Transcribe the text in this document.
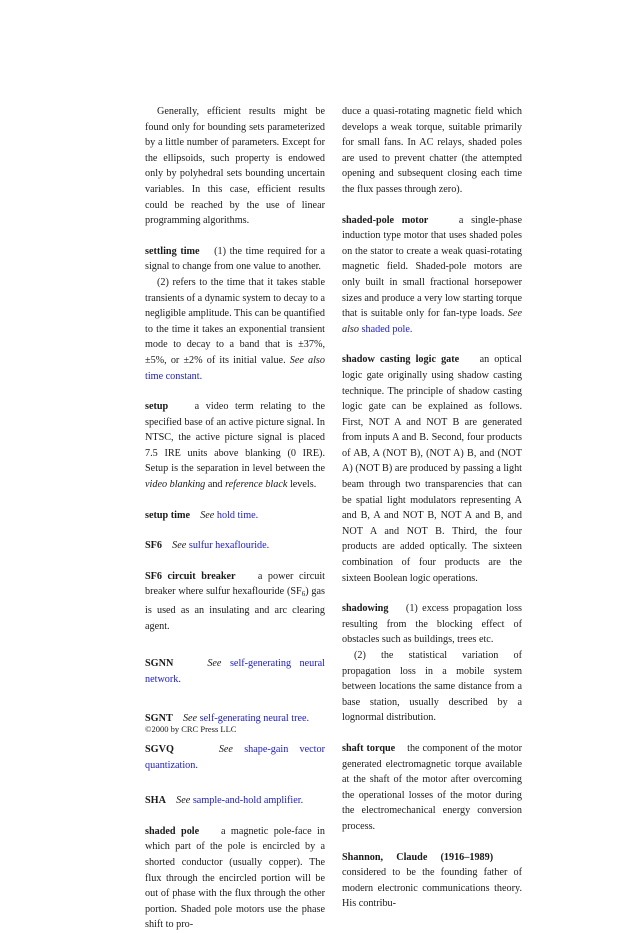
Generally, efficient results might be found only for bounding sets parameterized by a little number of parameters. Except for the ellipsoids, such property is endowed only by polyhedral sets bounding uncertain variables. In this case, efficient results could be reached by the use of linear programming algorithms.

settling time (1) the time required for a signal to change from one value to another.

(2) refers to the time that it takes stable transients of a dynamic system to decay to a negligible amplitude. This can be quantified to the time it takes an exponential transient mode to decay to a band that is ±37%, ±5%, or ±2% of its initial value. See also time constant.

setup	a video term relating to the specified base of an active picture signal. In NTSC, the active picture signal is placed 7.5 IRE units above blanking (0 IRE). Setup is the separation in level between the video blanking and reference black levels.

setup time See hold time.

SF6 See sulfur hexaflouride.

SF6 circuit breaker a power circuit breaker where sulfur hexaflouride $(SF_6)$ gas is used as an insulating and arc clearing agent.

SGNN	See self-generating neural network.

SGNT See self-generating neural tree.

SGVQ	See shape-gain vector quantization.

SHA See sample-and-hold amplifier.

shaded pole a magnetic pole-face in which part of the pole is encircled by a shorted conductor (usually copper). The flux through the encircled portion will be out of phase with the flux through the other portion. Shaded pole motors use the phase shift to pro-

duce a quasi-rotating magnetic field which develops a weak torque, suitable primarily for small fans. In AC relays, shaded poles are used to prevent chatter (the attempted opening and subsequent closing each time the flux passes through zero).

shaded-pole motor	a single-phase induction type motor that uses shaded poles on the stator to create a weak quasi-rotating magnetic field. Shaded-pole motors are only built in small fractional horsepower sizes and produce a very low starting torque that is suitable only for fan-type loads. See also shaded pole.

shadow casting logic gate an optical logic gate originally using shadow casting technique. The principle of shadow casting logic gate can be explained as follows. First, NOT A and NOT B are generated from inputs A and B. Second, four products of AB, A (NOT B), (NOT A) B, and (NOT A) (NOT B) are produced by passing a light beam through two transparencies that can be spatial light modulators representing A and B, A and NOT B, NOT A and B, and NOT A and NOT B. Third, the four products are added optically. The sixteen combination of four products are the sixteen Boolean logic operations.

shadowing (1) excess propagation loss resulting from the blocking effect of obstacles such as buildings, trees etc.

(2) the statistical variation of propagation loss in a mobile system between locations the same distance from a base station, usually described by a lognormal distribution.

shaft torque the component of the motor generated electromagnetic torque available at the shaft of the motor after overcoming the operational losses of the motor during the electromechanical energy conversion process.

Shannon, Claude (1916–1989)    considered to be the founding father of modern electronic communications theory. His contribu-

©2000 by CRC Press LLC
